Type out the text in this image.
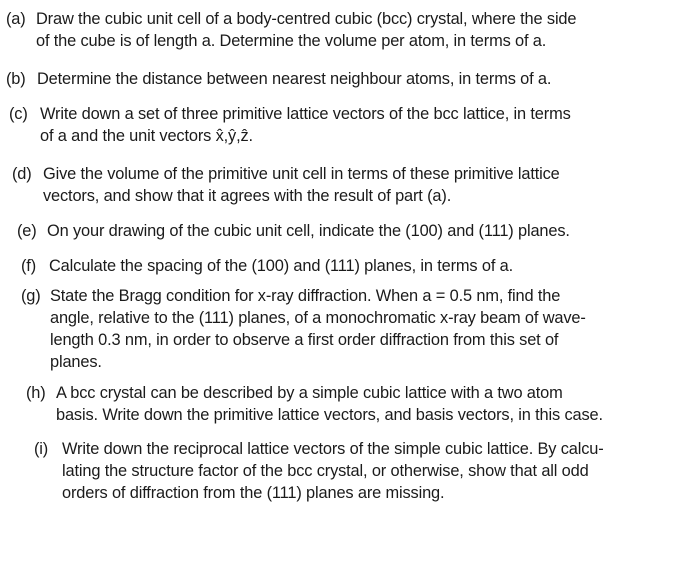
(a) Draw the cubic unit cell of a body-centred cubic (bcc) crystal, where the side
of the cube is of length a. Determine the volume per atom, in terms of a.
(b) Determine the distance between nearest neighbour atoms, in terms of a.
(c) Write down a set of three primitive lattice vectors of the bcc lattice, in terms
of a and the unit vectors x̂,ŷ,ẑ.
(d) Give the volume of the primitive unit cell in terms of these primitive lattice
vectors, and show that it agrees with the result of part (a).
(e) On your drawing of the cubic unit cell, indicate the (100) and (111) planes.
(f) Calculate the spacing of the (100) and (111) planes, in terms of a.
(g) State the Bragg condition for x-ray diffraction. When a = 0.5 nm, find the
angle, relative to the (111) planes, of a monochromatic x-ray beam of wave-
length 0.3 nm, in order to observe a first order diffraction from this set of
planes.
(h) A bcc crystal can be described by a simple cubic lattice with a two atom
basis. Write down the primitive lattice vectors, and basis vectors, in this case.
(i) Write down the reciprocal lattice vectors of the simple cubic lattice. By calcu-
lating the structure factor of the bcc crystal, or otherwise, show that all odd
orders of diffraction from the (111) planes are missing.
